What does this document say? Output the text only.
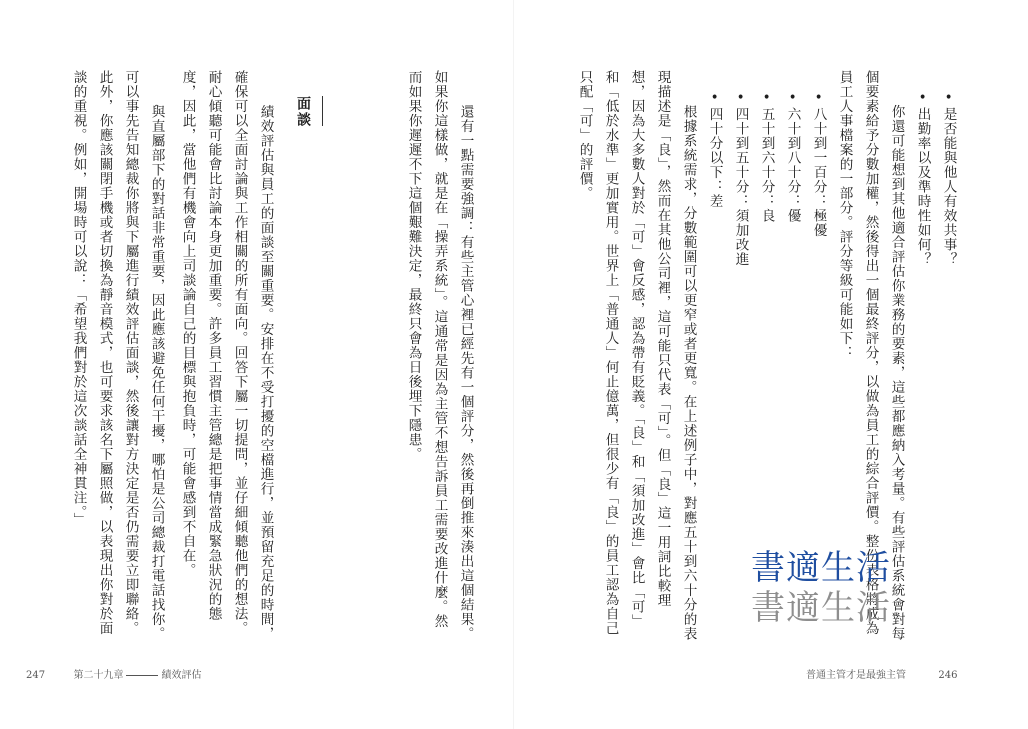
　還有一點需要強調：有些主管心裡已經先有一個評分，然後再倒推來湊出這個結果。
如果你這樣做，就是在「操弄系統」。這通常是因為主管不想告訴員工需要改進什麼。然
而如果你遲遲不下這個艱難決定，最終只會為日後埋下隱患。
面談
　績效評估與員工的面談至關重要。安排在不受打擾的空檔進行，並預留充足的時間，
確保可以全面討論與工作相關的所有面向。回答下屬一切提問，並仔細傾聽他們的想法。
耐心傾聽可能會比討論本身更加重要。許多員工習慣主管總是把事情當成緊急狀況的態
度，因此，當他們有機會向上司談論自己的目標與抱負時，可能會感到不自在。
　與直屬部下的對話非常重要，因此應該避免任何干擾，哪怕是公司總裁打電話找你。
可以事先告知總裁你將與下屬進行績效評估面談，然後讓對方決定是否仍需要立即聯絡。
此外，你應該關閉手機或者切換為靜音模式，也可要求該名下屬照做，以表現出你對於面
談的重視。例如，開場時可以說：「希望我們對於這次談話全神貫注。」
247	第二十九章	績效評估
•是否能與他人有效共事？
•出勤率以及準時性如何？
　你還可能想到其他適合評估你業務的要素，這些都應納入考量。有些評估系統會對每
個要素給予分數加權，然後得出一個最終評分，以做為員工的綜合評價。整份表格將成為
員工人事檔案的一部分。評分等級可能如下：
•八十到一百分：極優
•六十到八十分：優
•五十到六十分：良
•四十到五十分：須加改進
•四十分以下：差
　根據系統需求，分數範圍可以更窄或者更寬。在上述例子中，對應五十到六十分的表
現描述是「良」，然而在其他公司裡，這可能只代表「可」。但「良」這一用詞比較理
想，因為大多數人對於「可」會反感，認為帶有貶義。「良」和「須加改進」會比「可」
和「低於水準」更加實用。世界上「普通人」何止億萬，但很少有「良」的員工認為自己
只配「可」的評價。
書適生活
書適生活
普通主管才是最強主管	246
